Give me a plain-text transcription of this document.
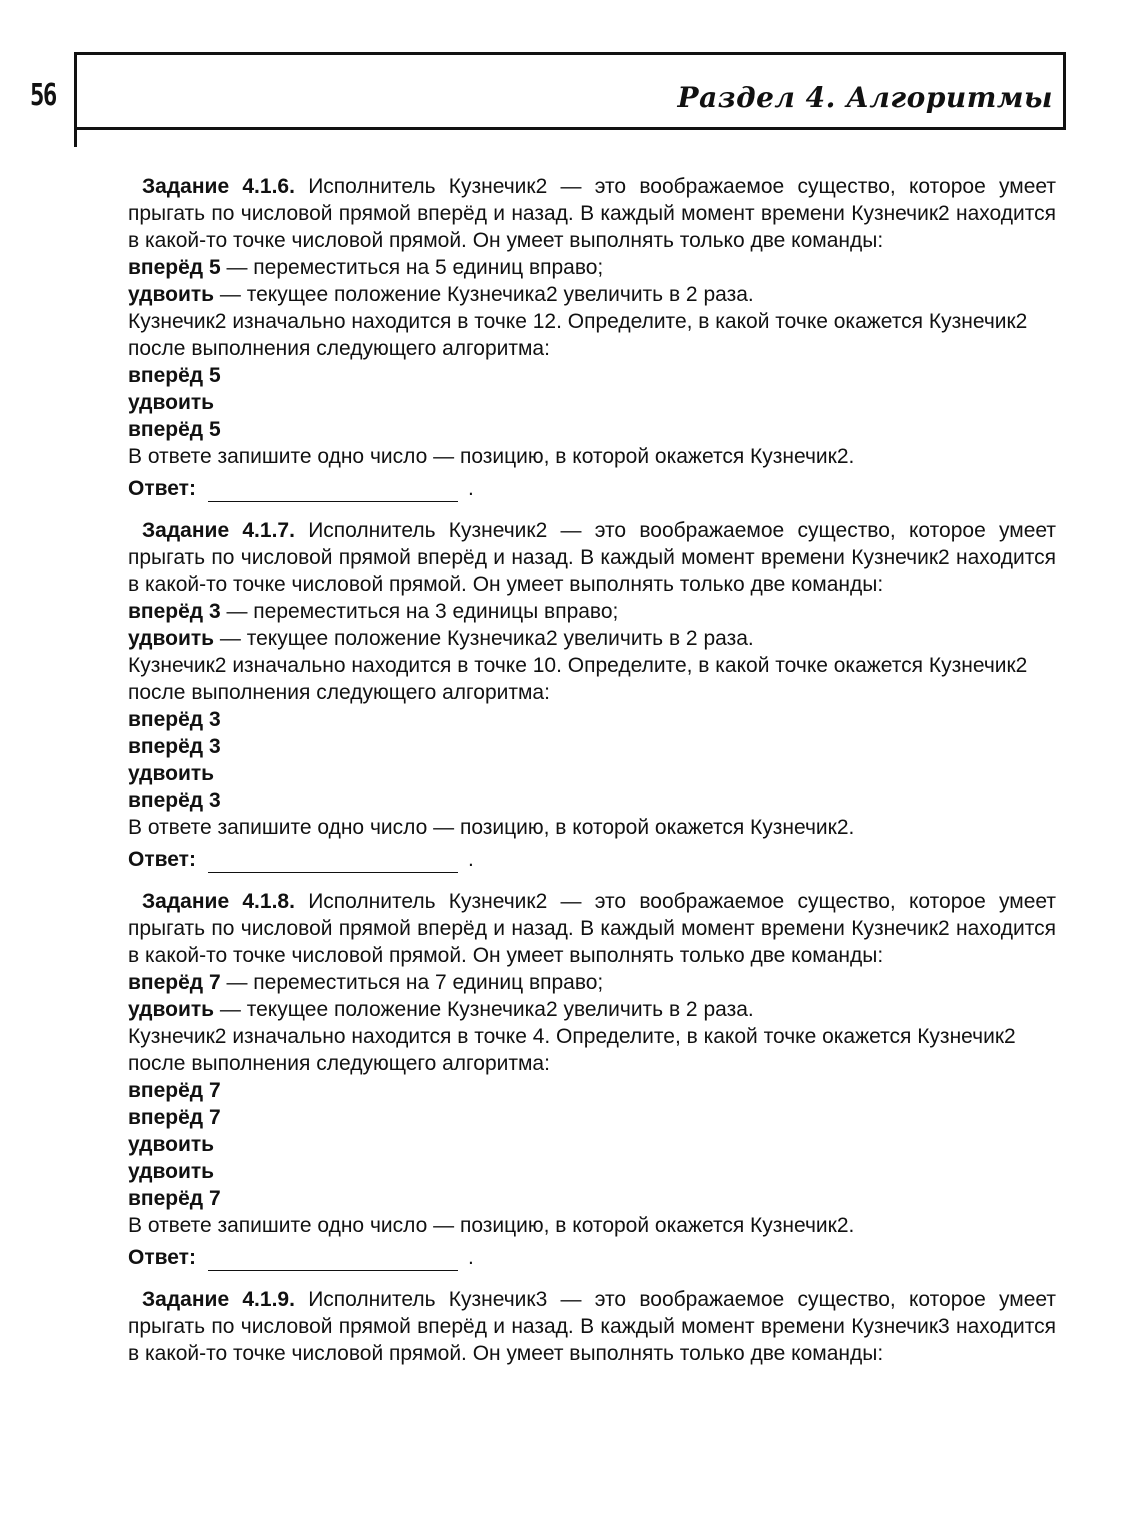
56	Раздел 4. Алгоритмы
Задание 4.1.6. Исполнитель Кузнечик2 — это воображаемое существо, которое умеет прыгать по числовой прямой вперёд и назад. В каждый момент времени Кузнечик2 находится в какой-то точке числовой прямой. Он умеет выполнять только две команды:
вперёд 5 — переместиться на 5 единиц вправо;
удвоить — текущее положение Кузнечика2 увеличить в 2 раза.
Кузнечик2 изначально находится в точке 12. Определите, в какой точке окажется Кузнечик2 после выполнения следующего алгоритма:
вперёд 5
удвоить
вперёд 5
В ответе запишите одно число — позицию, в которой окажется Кузнечик2.
Ответ:	.
Задание 4.1.7. Исполнитель Кузнечик2 — это воображаемое существо, которое умеет прыгать по числовой прямой вперёд и назад. В каждый момент времени Кузнечик2 находится в какой-то точке числовой прямой. Он умеет выполнять только две команды:
вперёд 3 — переместиться на 3 единицы вправо;
удвоить — текущее положение Кузнечика2 увеличить в 2 раза.
Кузнечик2 изначально находится в точке 10. Определите, в какой точке окажется Кузнечик2 после выполнения следующего алгоритма:
вперёд 3
вперёд 3
удвоить
вперёд 3
В ответе запишите одно число — позицию, в которой окажется Кузнечик2.
Ответ:	.
Задание 4.1.8. Исполнитель Кузнечик2 — это воображаемое существо, которое умеет прыгать по числовой прямой вперёд и назад. В каждый момент времени Кузнечик2 находится в какой-то точке числовой прямой. Он умеет выполнять только две команды:
вперёд 7 — переместиться на 7 единиц вправо;
удвоить — текущее положение Кузнечика2 увеличить в 2 раза.
Кузнечик2 изначально находится в точке 4. Определите, в какой точке окажется Кузнечик2 после выполнения следующего алгоритма:
вперёд 7
вперёд 7
удвоить
удвоить
вперёд 7
В ответе запишите одно число — позицию, в которой окажется Кузнечик2.
Ответ:	.
Задание 4.1.9. Исполнитель Кузнечик3 — это воображаемое существо, которое умеет прыгать по числовой прямой вперёд и назад. В каждый момент времени Кузнечик3 находится в какой-то точке числовой прямой. Он умеет выполнять только две команды:
